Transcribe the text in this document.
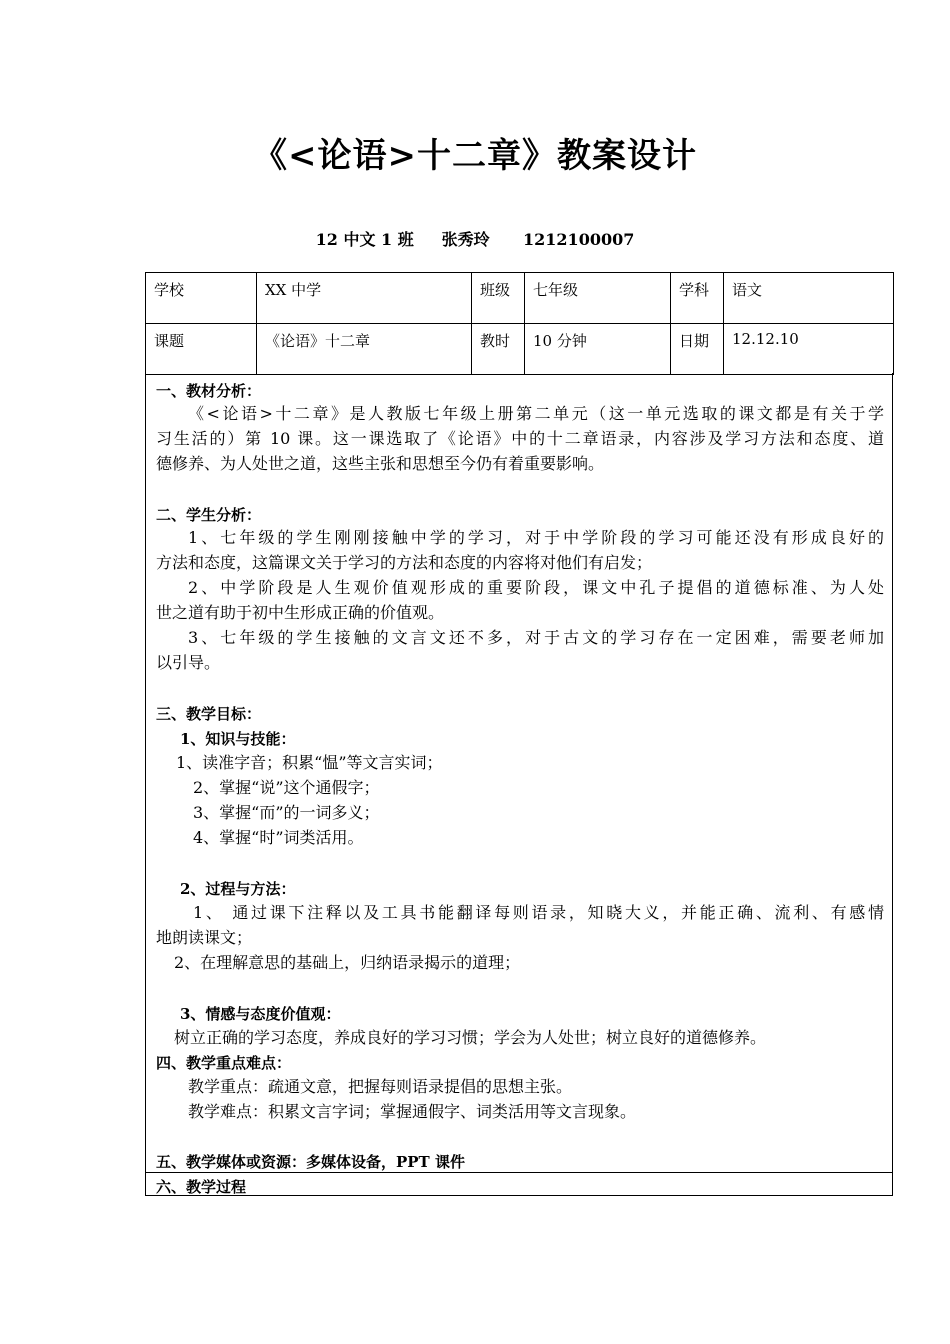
《<论语>十二章》教案设计
12 中文 1 班     张秀玲      1212100007
学校	XX 中学	班级	七年级	学科	语文
课题	《论语》十二章	教时	10 分钟	日期	12.12.10
一、教材分析：
《<论语>十二章》是人教版七年级上册第二单元（这一单元选取的课文都是有关于学
习生活的）第 10 课。这一课选取了《论语》中的十二章语录，内容涉及学习方法和态度、道
德修养、为人处世之道，这些主张和思想至今仍有着重要影响。
二、学生分析：
1、七年级的学生刚刚接触中学的学习，对于中学阶段的学习可能还没有形成良好的
方法和态度，这篇课文关于学习的方法和态度的内容将对他们有启发；
2、中学阶段是人生观价值观形成的重要阶段，课文中孔子提倡的道德标准、为人处
世之道有助于初中生形成正确的价值观。
3、七年级的学生接触的文言文还不多，对于古文的学习存在一定困难，需要老师加
以引导。
三、教学目标：
1、知识与技能：
1、读准字音；积累“愠”等文言实词；
2、掌握“说”这个通假字；
3、掌握“而”的一词多义；
4、掌握“时”词类活用。
2、过程与方法：
1、 通过课下注释以及工具书能翻译每则语录，知晓大义，并能正确、流利、有感情
地朗读课文；
2、在理解意思的基础上，归纳语录揭示的道理；
3、情感与态度价值观：
树立正确的学习态度，养成良好的学习习惯；学会为人处世；树立良好的道德修养。
四、教学重点难点：
教学重点：疏通文意，把握每则语录提倡的思想主张。
教学难点：积累文言字词；掌握通假字、词类活用等文言现象。
五、教学媒体或资源：多媒体设备，PPT 课件
六、教学过程
